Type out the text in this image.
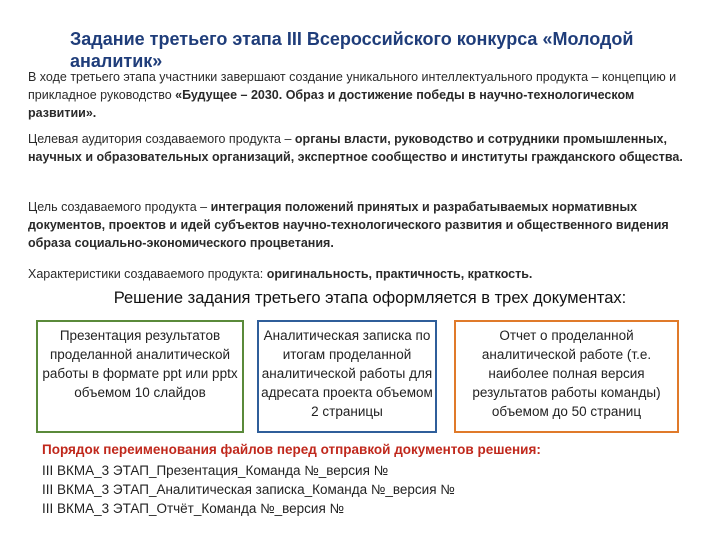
Задание третьего этапа III Всероссийского конкурса «Молодой аналитик»
В ходе третьего этапа участники завершают создание уникального интеллектуального продукта – концепцию и прикладное руководство «Будущее – 2030. Образ и достижение победы в научно-технологическом развитии».
Целевая аудитория создаваемого продукта – органы власти, руководство и сотрудники промышленных, научных и образовательных организаций, экспертное сообщество и институты гражданского общества.
Цель создаваемого продукта – интеграция положений принятых и разрабатываемых нормативных документов, проектов и идей субъектов научно-технологического развития и общественного видения образа социально-экономического процветания.
Характеристики создаваемого продукта: оригинальность, практичность, краткость.
Решение задания третьего этапа оформляется в трех документах:
Презентация результатов проделанной аналитической работы в формате ppt или pptx объемом 10 слайдов
Аналитическая записка по итогам проделанной аналитической работы для адресата проекта объемом 2 страницы
Отчет о проделанной аналитической работе (т.е. наиболее полная версия результатов работы команды) объемом до 50 страниц
Порядок переименования файлов перед отправкой документов решения:
III ВКМА_3 ЭТАП_Презентация_Команда №_версия №
III ВКМА_3 ЭТАП_Аналитическая записка_Команда №_версия №
III ВКМА_3 ЭТАП_Отчёт_Команда №_версия №
